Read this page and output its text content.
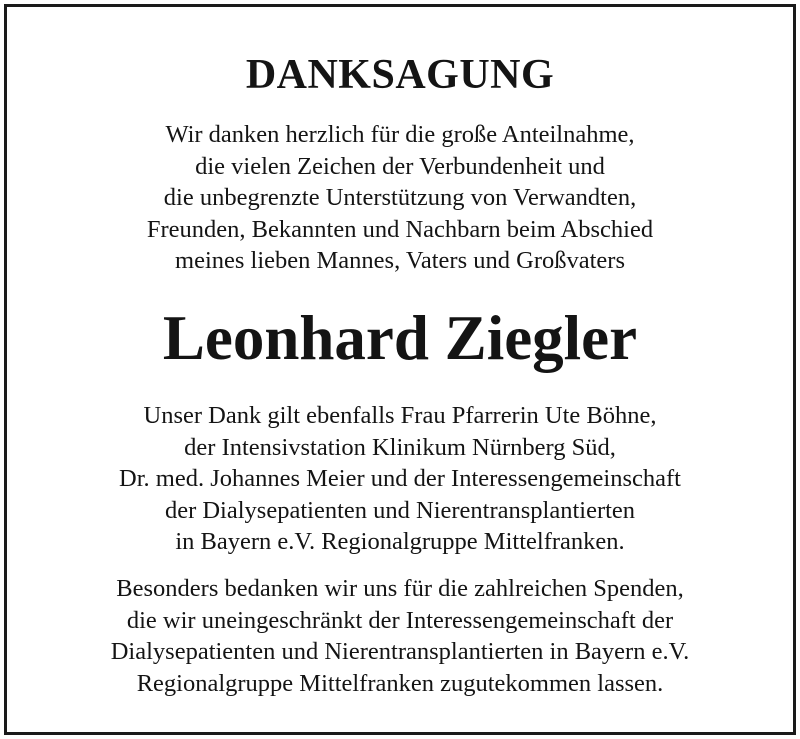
DANKSAGUNG
Wir danken herzlich für die große Anteilnahme,
die vielen Zeichen der Verbundenheit und
die unbegrenzte Unterstützung von Verwandten,
Freunden, Bekannten und Nachbarn beim Abschied
meines lieben Mannes, Vaters und Großvaters
Leonhard Ziegler
Unser Dank gilt ebenfalls Frau Pfarrerin Ute Böhne,
der Intensivstation Klinikum Nürnberg Süd,
Dr. med. Johannes Meier und der Interessengemeinschaft
der Dialysepatienten und Nierentransplantierten
in Bayern e.V. Regionalgruppe Mittelfranken.
Besonders bedanken wir uns für die zahlreichen Spenden,
die wir uneingeschränkt der Interessengemeinschaft der
Dialysepatienten und Nierentransplantierten in Bayern e.V.
Regionalgruppe Mittelfranken zugutekommen lassen.
